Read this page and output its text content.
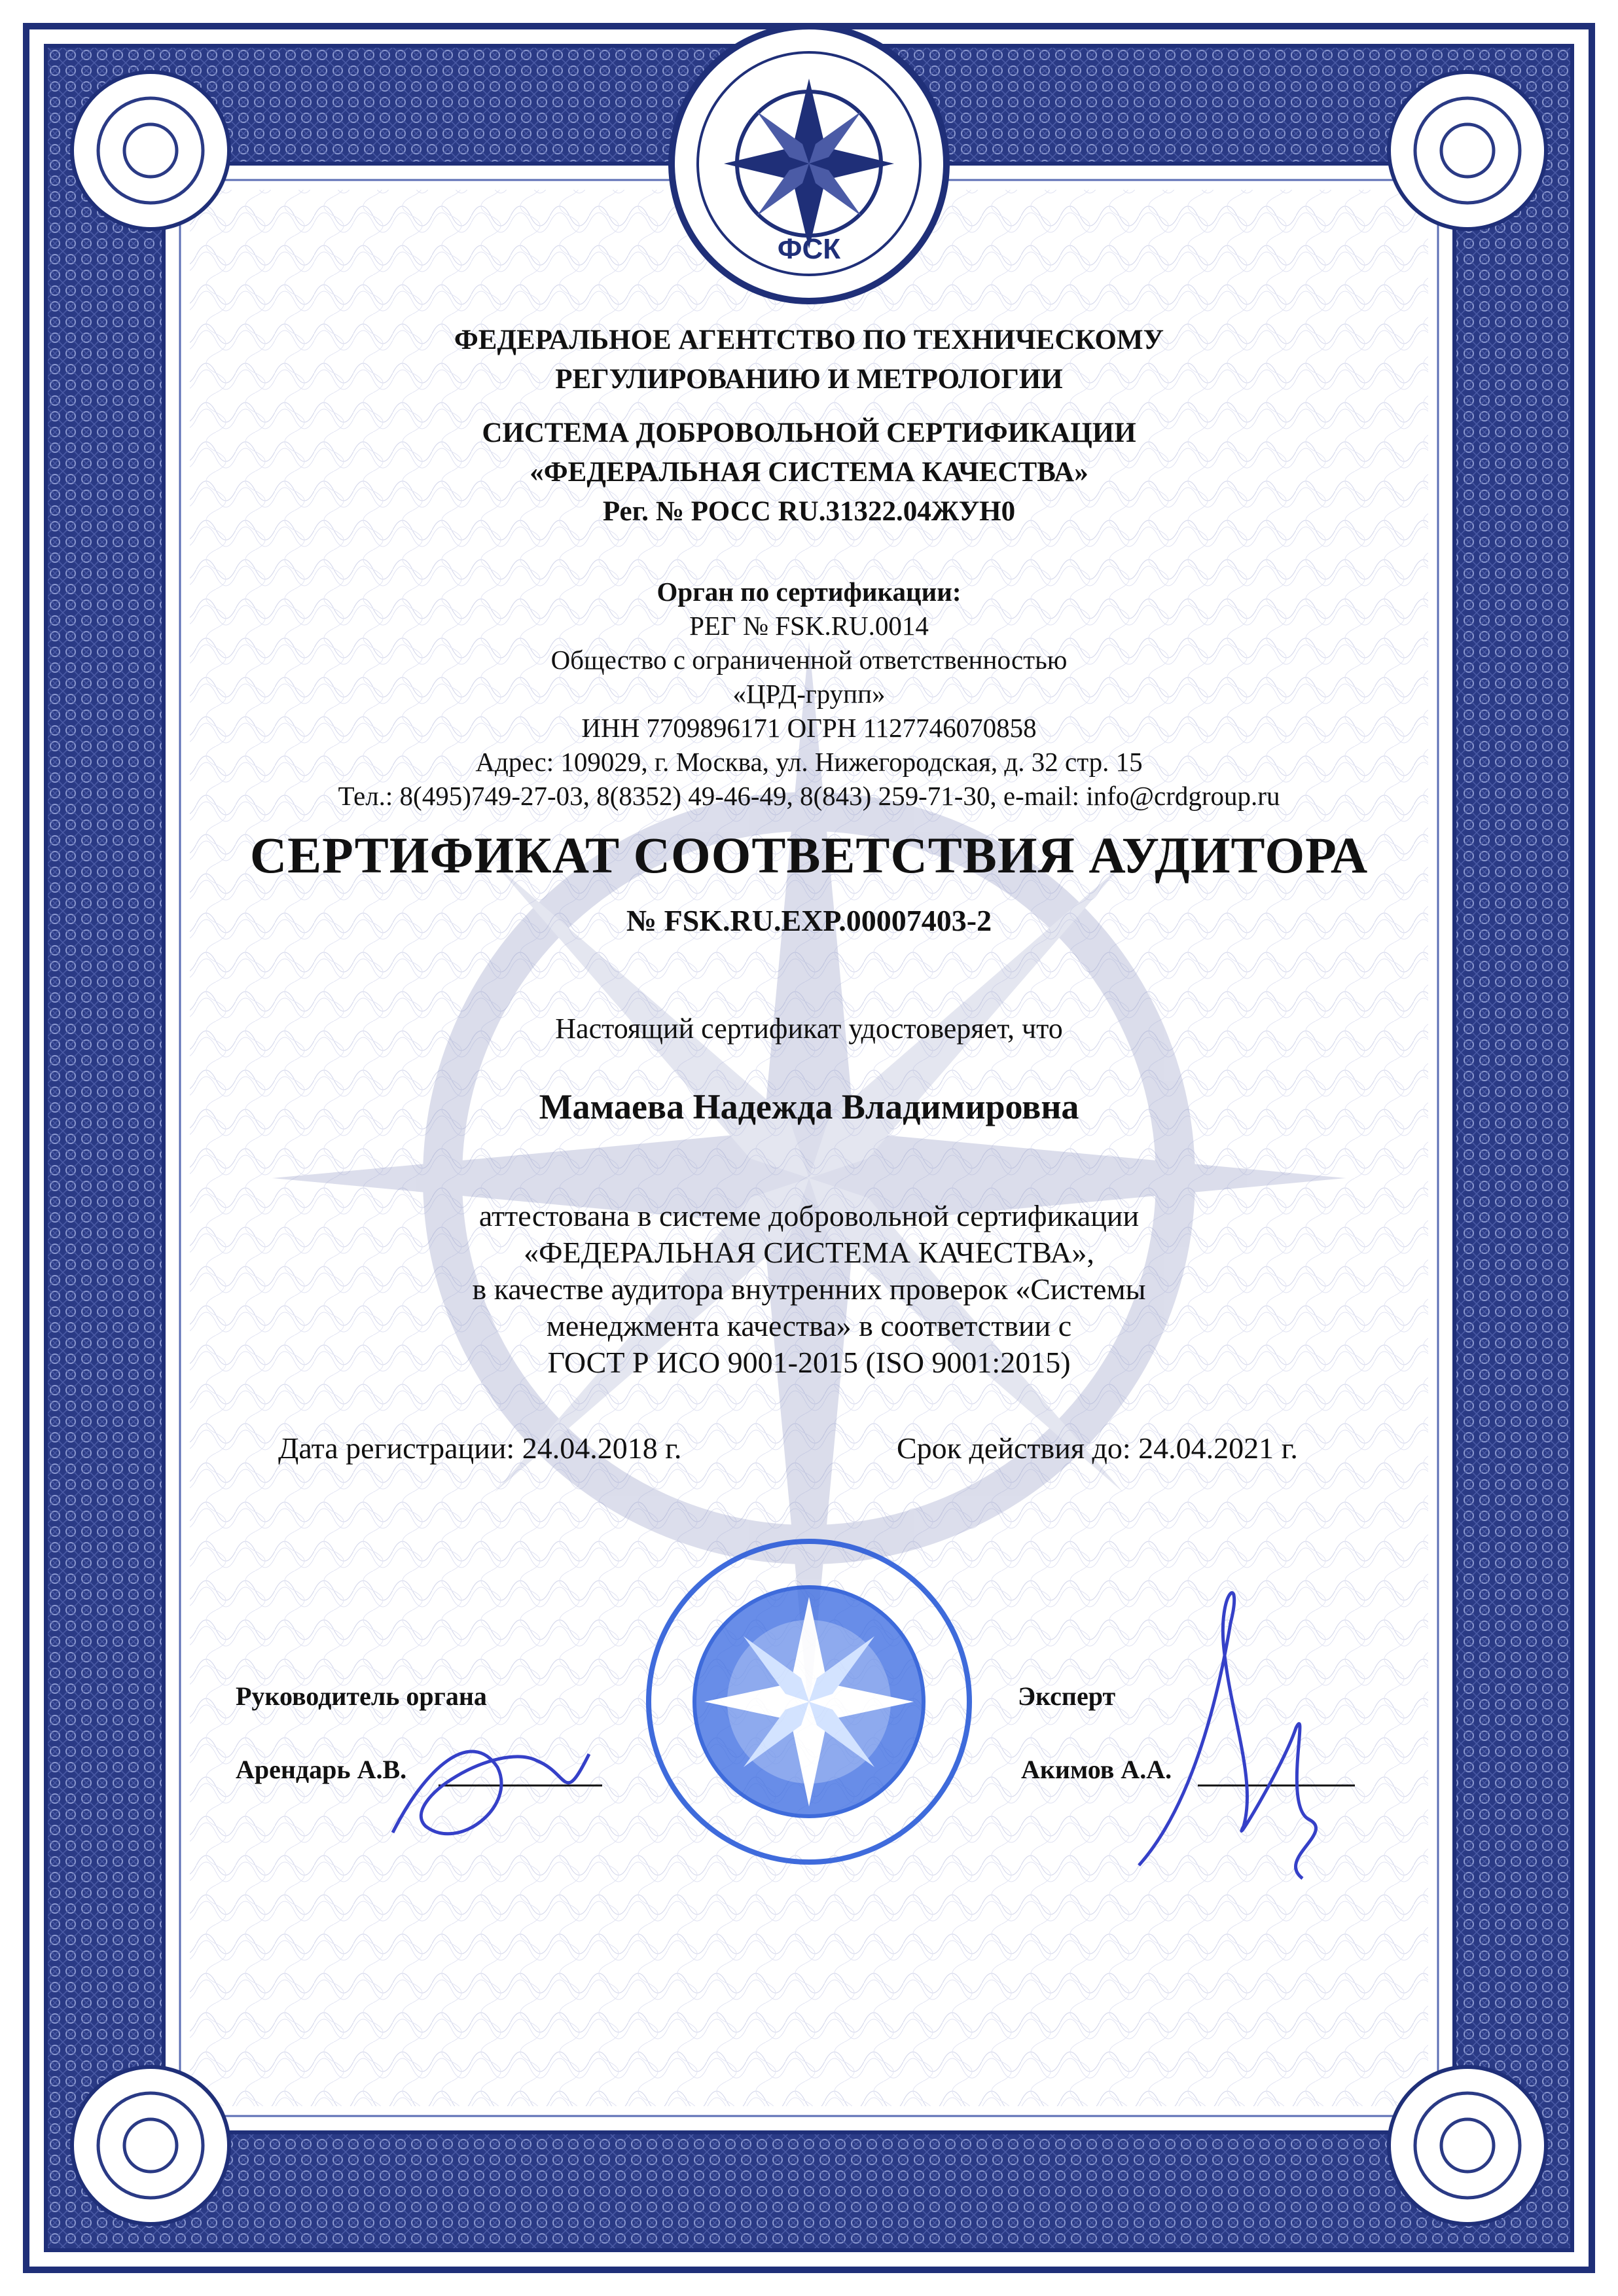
ФСК
ФЕДЕРАЛЬНОЕ АГЕНТСТВО ПО ТЕХНИЧЕСКОМУ
РЕГУЛИРОВАНИЮ И МЕТРОЛОГИИ
СИСТЕМА ДОБРОВОЛЬНОЙ СЕРТИФИКАЦИИ
«ФЕДЕРАЛЬНАЯ СИСТЕМА КАЧЕСТВА»
Рег. № РОСС RU.31322.04ЖУН0
Орган по сертификации:
РЕГ № FSK.RU.0014
Общество с ограниченной ответственностью
«ЦРД-групп»
ИНН 7709896171 ОГРН 1127746070858
Адрес: 109029, г. Москва, ул. Нижегородская, д. 32 стр. 15
Тел.: 8(495)749-27-03, 8(8352) 49-46-49, 8(843) 259-71-30, e-mail: info@crdgroup.ru
СЕРТИФИКАТ СООТВЕТСТВИЯ АУДИТОРА
№ FSK.RU.EXP.00007403-2
Настоящий сертификат удостоверяет, что
Мамаева Надежда Владимировна
аттестована в системе добровольной сертификации
«ФЕДЕРАЛЬНАЯ СИСТЕМА КАЧЕСТВА»,
в качестве аудитора внутренних проверок «Системы
менеджмента качества» в соответствии с
ГОСТ Р ИСО 9001-2015 (ISO 9001:2015)
Дата регистрации: 24.04.2018 г.	Срок действия до: 24.04.2021 г.
Руководитель органа
Арендарь А.В.
Эксперт
Акимов А.А.
